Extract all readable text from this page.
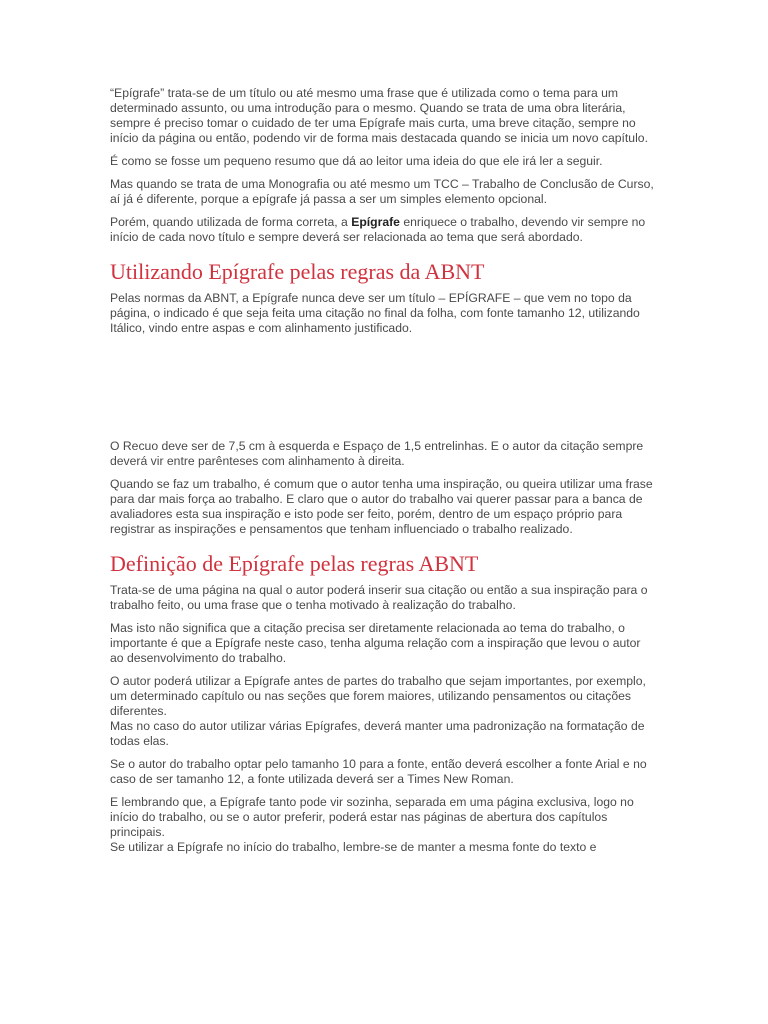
“Epígrafe” trata-se de um título ou até mesmo uma frase que é utilizada como o tema para um determinado assunto, ou uma introdução para o mesmo. Quando se trata de uma obra literária, sempre é preciso tomar o cuidado de ter uma Epígrafe mais curta, uma breve citação, sempre no início da página ou então, podendo vir de forma mais destacada quando se inicia um novo capítulo.

É como se fosse um pequeno resumo que dá ao leitor uma ideia do que ele irá ler a seguir.

Mas quando se trata de uma Monografia ou até mesmo um TCC – Trabalho de Conclusão de Curso, aí já é diferente, porque a epígrafe já passa a ser um simples elemento opcional.

Porém, quando utilizada de forma correta, a Epígrafe enriquece o trabalho, devendo vir sempre no início de cada novo título e sempre deverá ser relacionada ao tema que será abordado.

Utilizando Epígrafe pelas regras da ABNT

Pelas normas da ABNT, a Epígrafe nunca deve ser um título – EPÍGRAFE – que vem no topo da página, o indicado é que seja feita uma citação no final da folha, com fonte tamanho 12, utilizando Itálico, vindo entre aspas e com alinhamento justificado.

O Recuo deve ser de 7,5 cm à esquerda e Espaço de 1,5 entrelinhas. E o autor da citação sempre deverá vir entre parênteses com alinhamento à direita.

Quando se faz um trabalho, é comum que o autor tenha uma inspiração, ou queira utilizar uma frase para dar mais força ao trabalho. E claro que o autor do trabalho vai querer passar para a banca de avaliadores esta sua inspiração e isto pode ser feito, porém, dentro de um espaço próprio para registrar as inspirações e pensamentos que tenham influenciado o trabalho realizado.

Definição de Epígrafe pelas regras ABNT

Trata-se de uma página na qual o autor poderá inserir sua citação ou então a sua inspiração para o trabalho feito, ou uma frase que o tenha motivado à realização do trabalho.

Mas isto não significa que a citação precisa ser diretamente relacionada ao tema do trabalho, o importante é que a Epígrafe neste caso, tenha alguma relação com a inspiração que levou o autor ao desenvolvimento do trabalho.

O autor poderá utilizar a Epígrafe antes de partes do trabalho que sejam importantes, por exemplo, um determinado capítulo ou nas seções que forem maiores, utilizando pensamentos ou citações diferentes.

Mas no caso do autor utilizar várias Epígrafes, deverá manter uma padronização na formatação de todas elas.

Se o autor do trabalho optar pelo tamanho 10 para a fonte, então deverá escolher a fonte Arial e no caso de ser tamanho 12, a fonte utilizada deverá ser a Times New Roman.

E lembrando que, a Epígrafe tanto pode vir sozinha, separada em uma página exclusiva, logo no início do trabalho, ou se o autor preferir, poderá estar nas páginas de abertura dos capítulos principais.

Se utilizar a Epígrafe no início do trabalho, lembre-se de manter a mesma fonte do texto e
